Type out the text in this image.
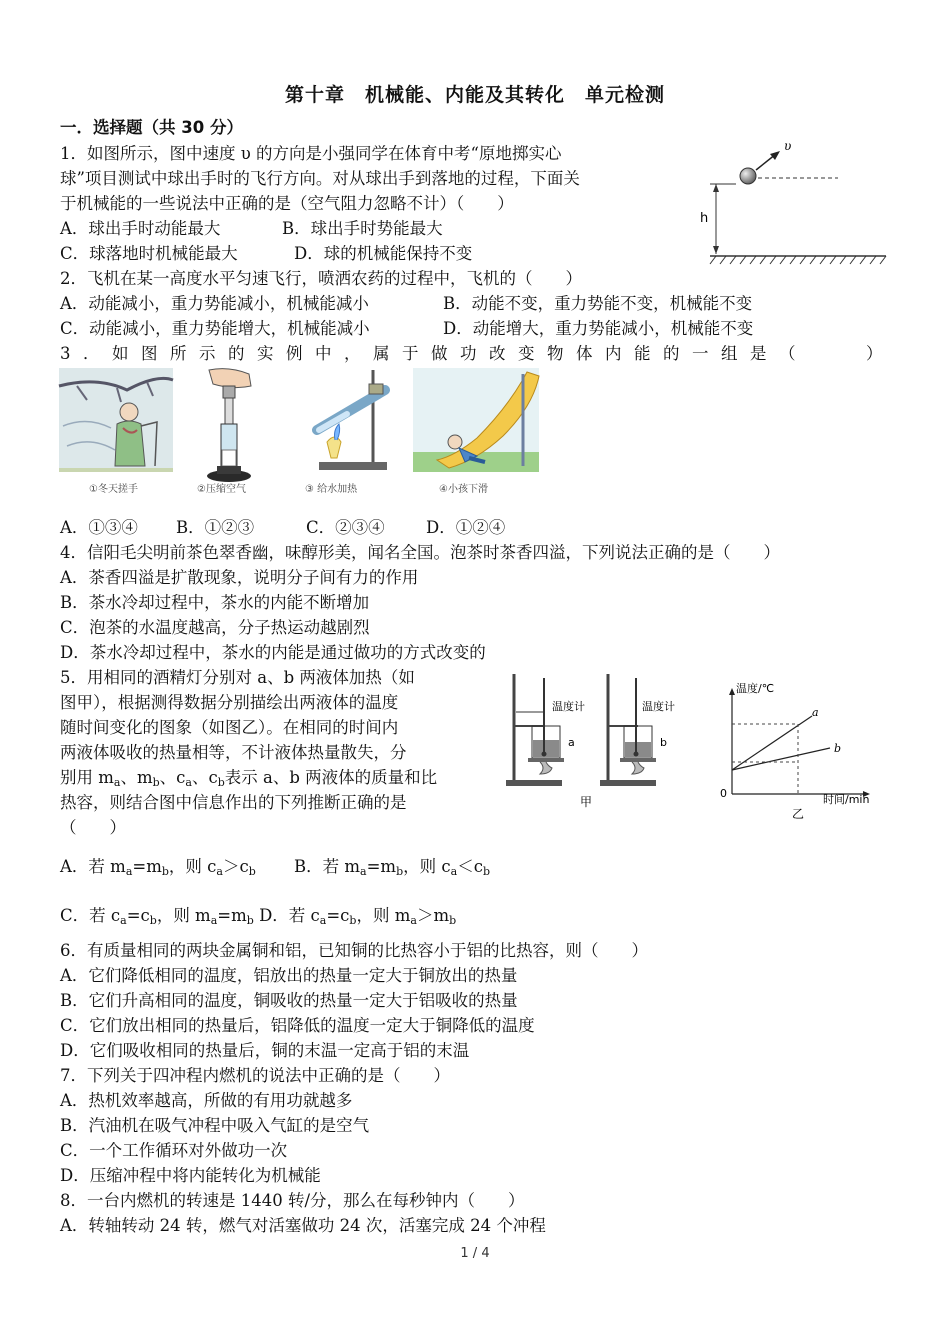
第十章　机械能、内能及其转化　单元检测
一．选择题（共 30 分）
1．如图所示，图中速度 υ 的方向是小强同学在体育中考“原地掷实心
球”项目测试中球出手时的飞行方向。对从球出手到落地的过程，下面关
于机械能的一些说法中正确的是（空气阻力忽略不计）（　　）
A．球出手时动能最大	B．球出手时势能最大
C．球落地时机械能最大	D．球的机械能保持不变
υ
h
2．飞机在某一高度水平匀速飞行，喷洒农药的过程中，飞机的（　　）
A．动能减小，重力势能减小，机械能减小	B．动能不变，重力势能不变，机械能不变
C．动能减小，重力势能增大，机械能减小	D．动能增大，重力势能减小，机械能不变
3．如图所示的实例中，属于做功改变物体内能的一组是（　　）
①冬天搓手	②压缩空气	③ 给水加热	④小孩下滑
A．①③④ B．①②③	C．②③④	D．①②④
4．信阳毛尖明前茶色翠香幽，味醇形美，闻名全国。泡茶时茶香四溢，下列说法正确的是（　　）
A．茶香四溢是扩散现象，说明分子间有力的作用
B．茶水冷却过程中，茶水的内能不断增加
C．泡茶的水温度越高，分子热运动越剧烈
D．茶水冷却过程中，茶水的内能是通过做功的方式改变的
5．用相同的酒精灯分别对 a、b 两液体加热（如
图甲），根据测得数据分别描绘出两液体的温度
随时间变化的图象（如图乙）。在相同的时间内
两液体吸收的热量相等，不计液体热量散失，分
别用 $m_a$、$m_b$、$c_a$、$c_b$表示 a、b 两液体的质量和比
热容，则结合图中信息作出的下列推断正确的是
（　　）
温度计
a
温度计
b
甲
温度/℃
时间/min
0
a
b
乙
A．若 $m_a=m_b$，则 $c_a>c_b$ B．若 $m_a=m_b$，则 $c_a<c_b$
C．若 $c_a=c_b$，则 $m_a=m_b$ D．若 $c_a=c_b$，则 $m_a>m_b$
6．有质量相同的两块金属铜和铝，已知铜的比热容小于铝的比热容，则（　　）
A．它们降低相同的温度，铝放出的热量一定大于铜放出的热量
B．它们升高相同的温度，铜吸收的热量一定大于铝吸收的热量
C．它们放出相同的热量后，铝降低的温度一定大于铜降低的温度
D．它们吸收相同的热量后，铜的末温一定高于铝的末温
7．下列关于四冲程内燃机的说法中正确的是（　　）
A．热机效率越高，所做的有用功就越多
B．汽油机在吸气冲程中吸入气缸的是空气
C．一个工作循环对外做功一次
D．压缩冲程中将内能转化为机械能
8．一台内燃机的转速是 1440 转/分，那么在每秒钟内（　　）
A．转轴转动 24 转，燃气对活塞做功 24 次，活塞完成 24 个冲程
1 / 4
